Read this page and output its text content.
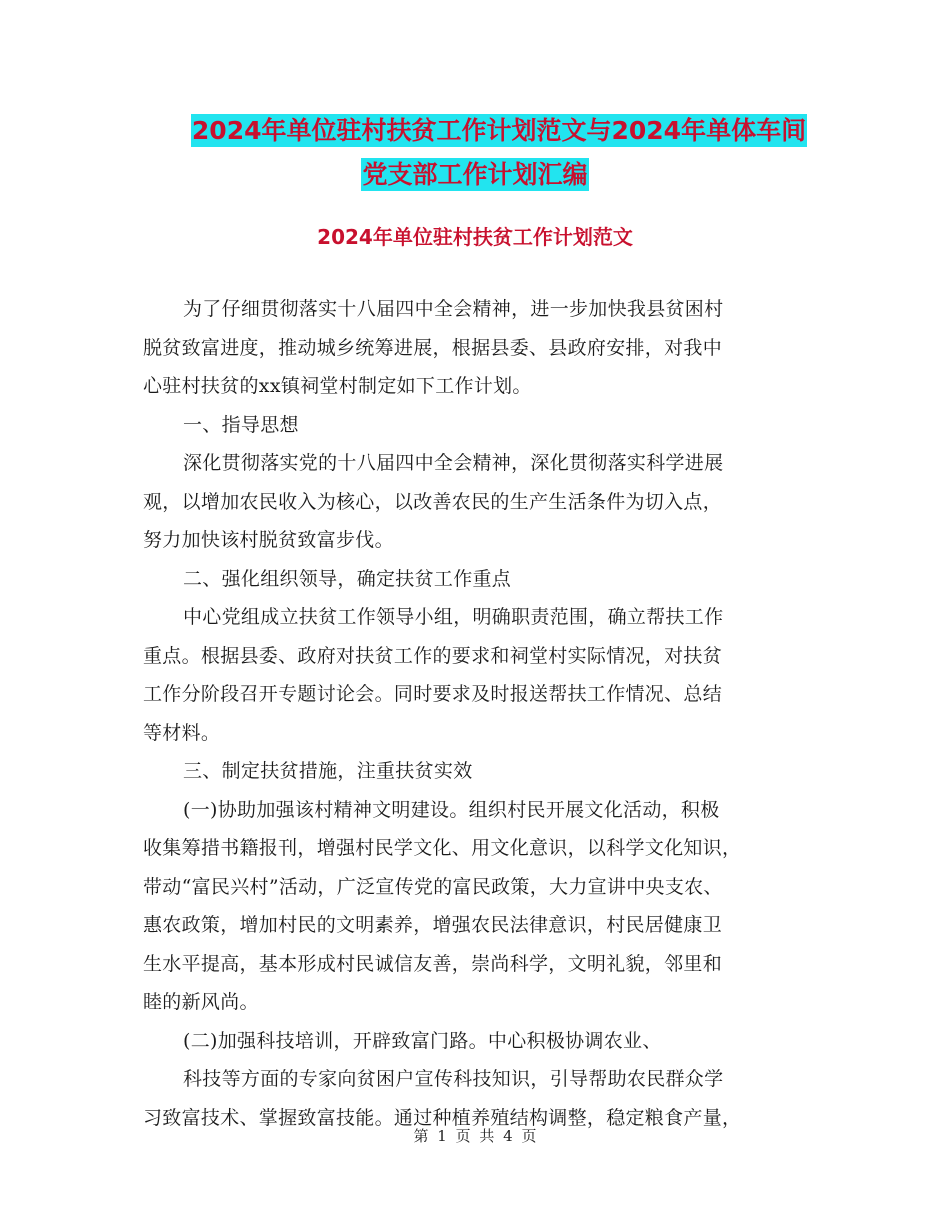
2024年单位驻村扶贫工作计划范文与2024年单体车间
党支部工作计划汇编
2024年单位驻村扶贫工作计划范文
为了仔细贯彻落实十八届四中全会精神，进一步加快我县贫困村
脱贫致富进度，推动城乡统筹进展，根据县委、县政府安排，对我中
心驻村扶贫的xx镇祠堂村制定如下工作计划。
一、指导思想
深化贯彻落实党的十八届四中全会精神，深化贯彻落实科学进展
观，以增加农民收入为核心，以改善农民的生产生活条件为切入点，
努力加快该村脱贫致富步伐。
二、强化组织领导，确定扶贫工作重点
中心党组成立扶贫工作领导小组，明确职责范围，确立帮扶工作
重点。根据县委、政府对扶贫工作的要求和祠堂村实际情况，对扶贫
工作分阶段召开专题讨论会。同时要求及时报送帮扶工作情况、总结
等材料。
三、制定扶贫措施，注重扶贫实效
(一)协助加强该村精神文明建设。组织村民开展文化活动，积极
收集筹措书籍报刊，增强村民学文化、用文化意识，以科学文化知识，
带动“富民兴村”活动，广泛宣传党的富民政策，大力宣讲中央支农、
惠农政策，增加村民的文明素养，增强农民法律意识，村民居健康卫
生水平提高，基本形成村民诚信友善，崇尚科学，文明礼貌，邻里和
睦的新风尚。
(二)加强科技培训，开辟致富门路。中心积极协调农业、
科技等方面的专家向贫困户宣传科技知识，引导帮助农民群众学
习致富技术、掌握致富技能。通过种植养殖结构调整，稳定粮食产量，
第 1 页 共 4 页
